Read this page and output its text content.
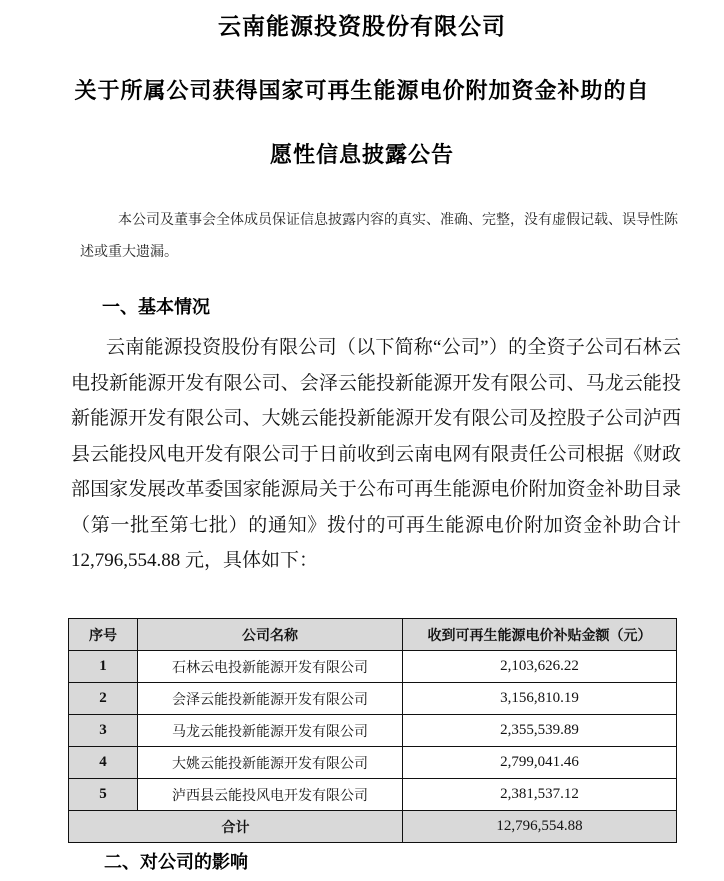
云南能源投资股份有限公司
关于所属公司获得国家可再生能源电价附加资金补助的自
愿性信息披露公告
本公司及董事会全体成员保证信息披露内容的真实、准确、完整，没有虚假记载、误导性陈述或重大遗漏。
一、基本情况
云南能源投资股份有限公司（以下简称“公司”）的全资子公司石林云电投新能源开发有限公司、会泽云能投新能源开发有限公司、马龙云能投新能源开发有限公司、大姚云能投新能源开发有限公司及控股子公司泸西县云能投风电开发有限公司于日前收到云南电网有限责任公司根据《财政部国家发展改革委国家能源局关于公布可再生能源电价附加资金补助目录（第一批至第七批）的通知》拨付的可再生能源电价附加资金补助合计12,796,554.88 元，具体如下：
序号	公司名称	收到可再生能源电价补贴金额（元）
1	石林云电投新能源开发有限公司	2,103,626.22
2	会泽云能投新能源开发有限公司	3,156,810.19
3	马龙云能投新能源开发有限公司	2,355,539.89
4	大姚云能投新能源开发有限公司	2,799,041.46
5	泸西县云能投风电开发有限公司	2,381,537.12
合计		12,796,554.88
二、对公司的影响
